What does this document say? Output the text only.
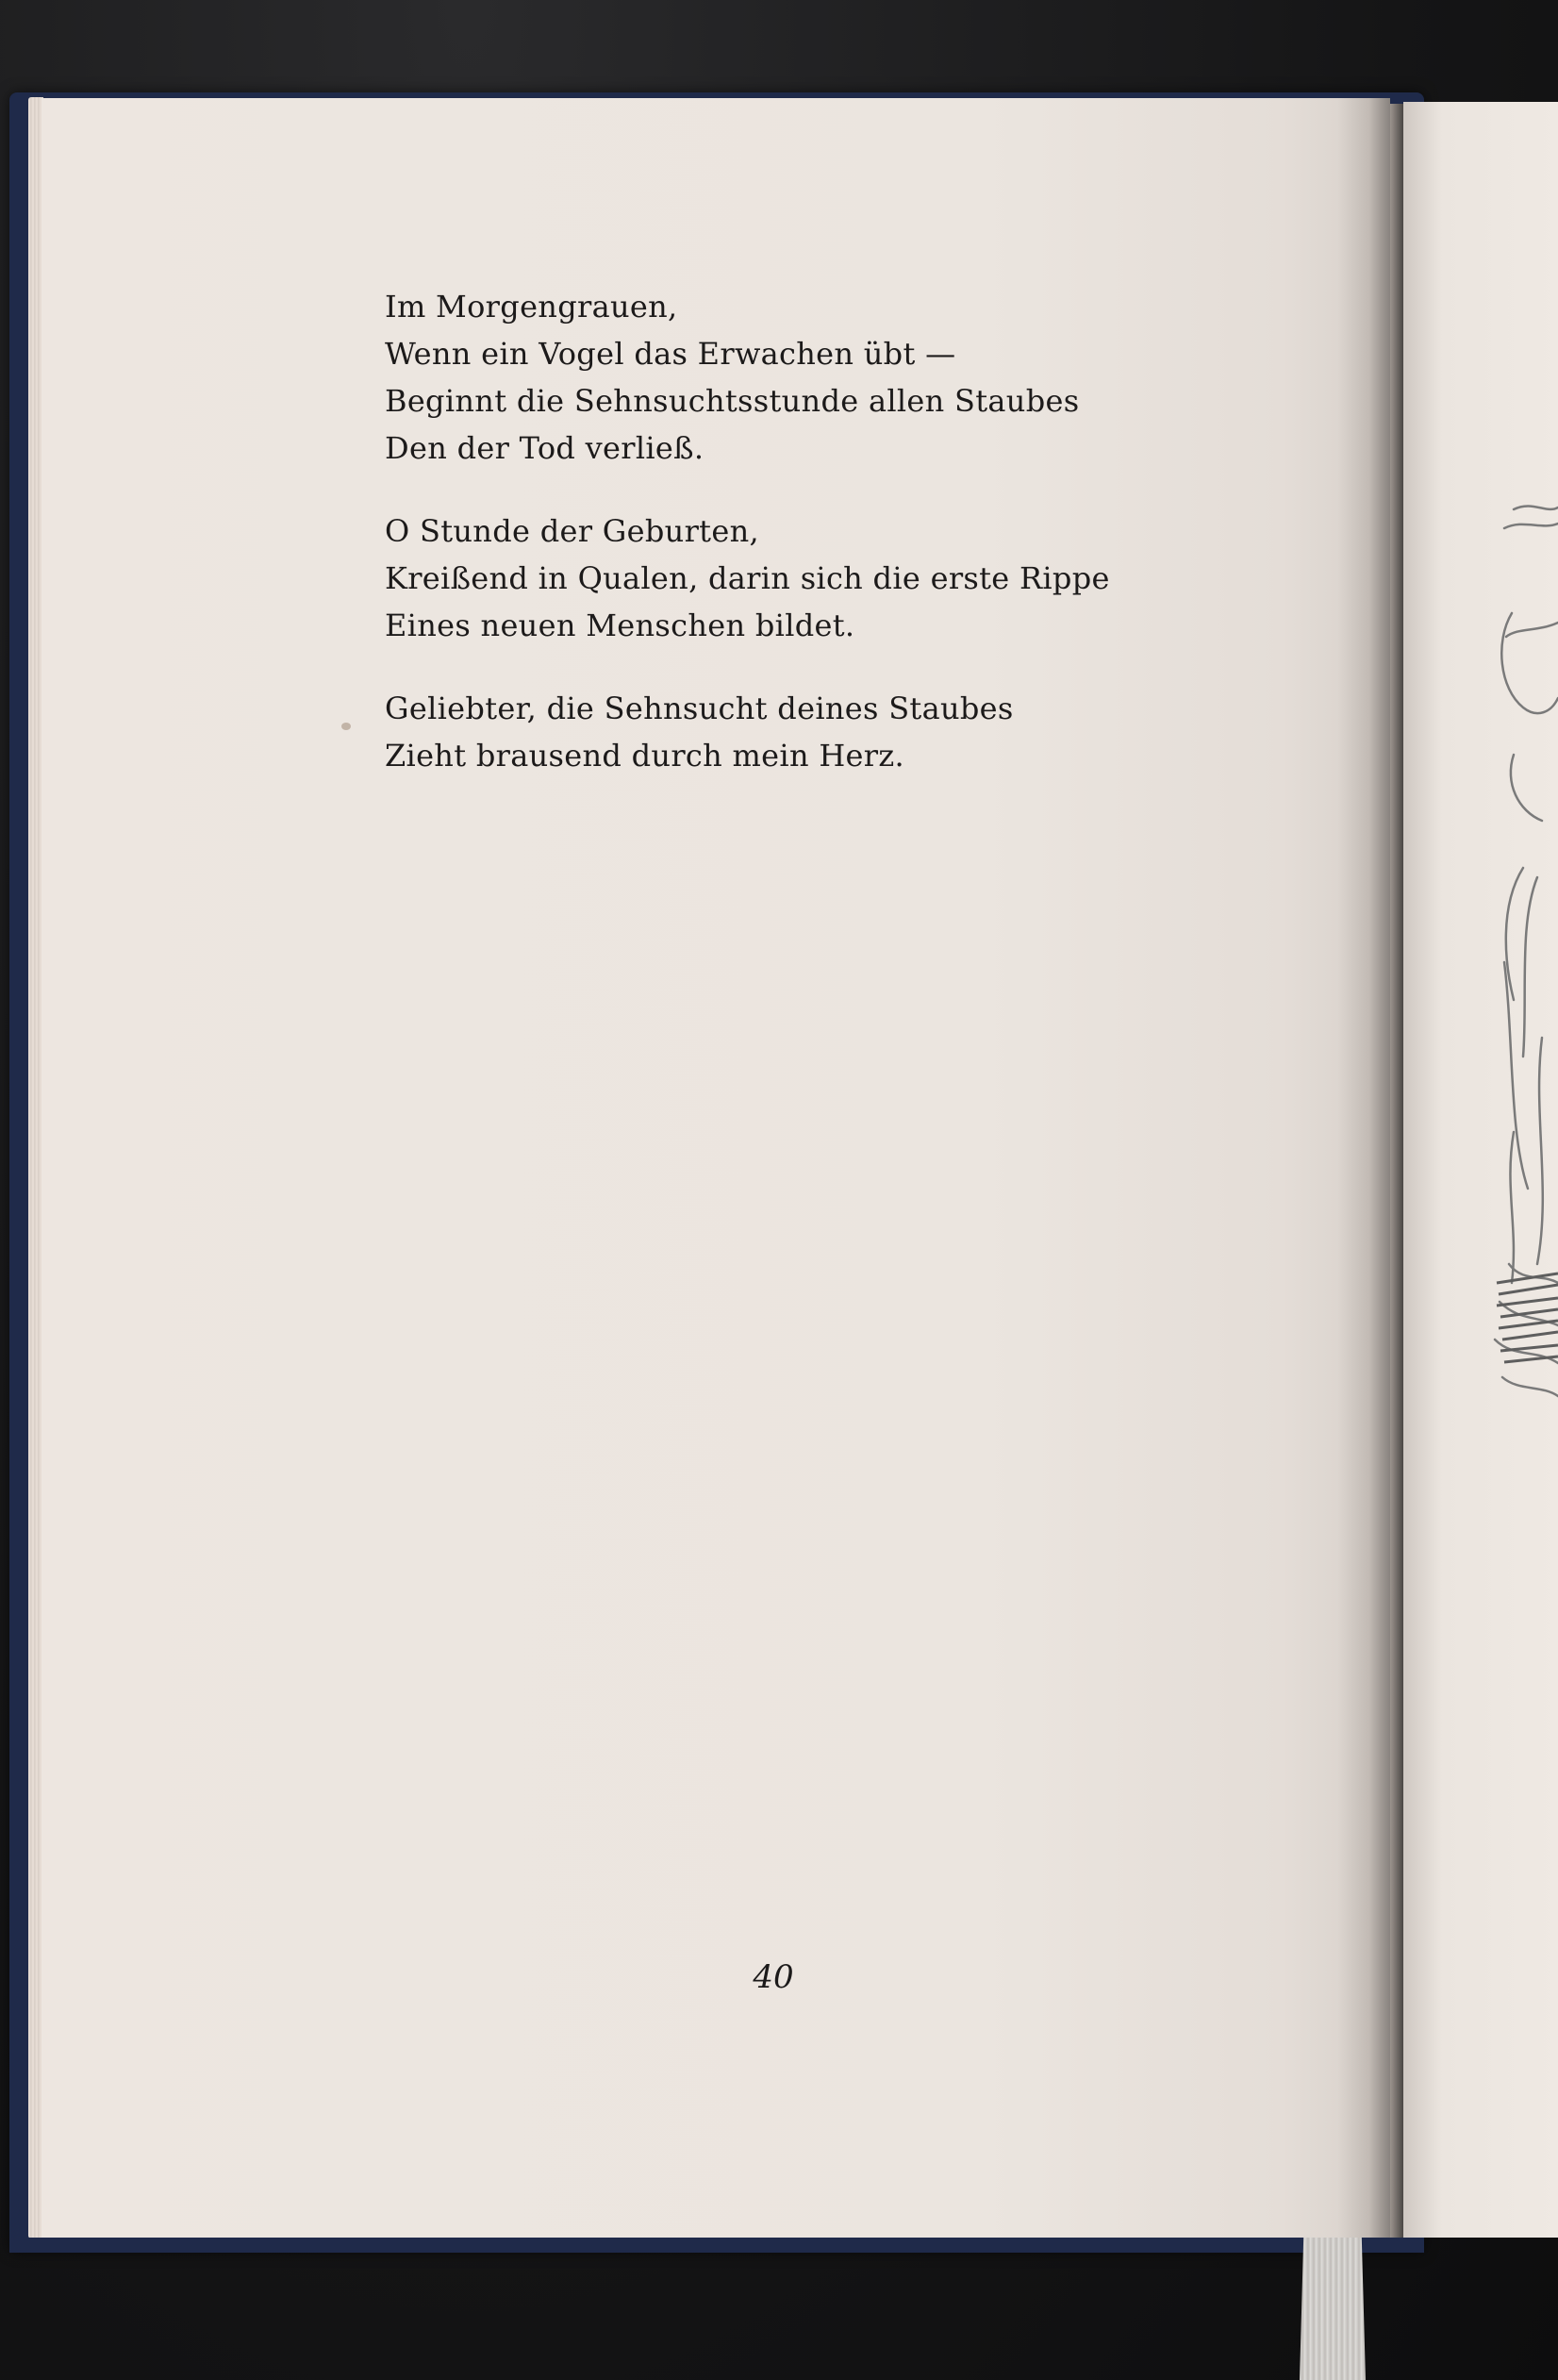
Im Morgengrauen,
Wenn ein Vogel das Erwachen übt —
Beginnt die Sehnsuchtsstunde allen Staubes
Den der Tod verließ.
O Stunde der Geburten,
Kreißend in Qualen, darin sich die erste Rippe
Eines neuen Menschen bildet.
Geliebter, die Sehnsucht deines Staubes
Zieht brausend durch mein Herz.
40
